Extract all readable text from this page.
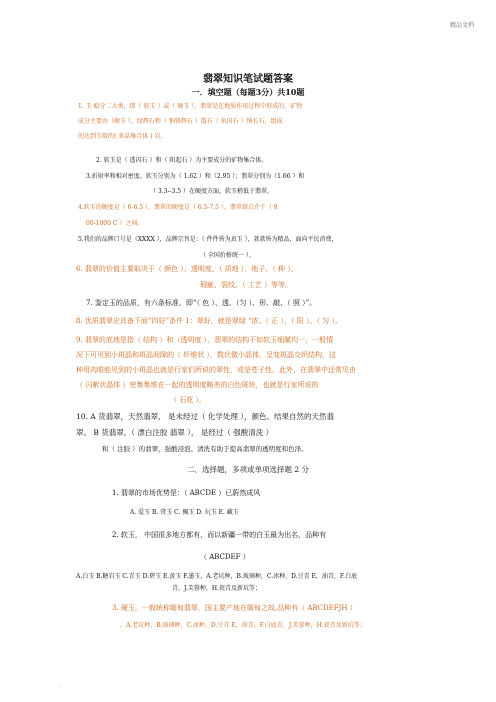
精品文档
翡翠知识笔试题答案
一．填空题（每题3分）共10题
1. 玉 殴分二大类，即（ 软玉 ）或（ 硬玉 ），翡翠是在地质作用过程中形成的，矿物
成分主要由（硬玉 ）、绿辉石和（ 钠铬辉石 ）霞石（ 角闪石 ）钠长石，组成
的达到玉级的( 多晶集合体 ) 岩。
2. 软玉是（ 透闪石 ）和（ 阳起石 ）为主要成分的矿物集合体。
3.折射率和相对密度。软玉分别为（ 1.62 ）和（2.95 ）；翡翠分别为（1.66 ）和
（ 3.3--3.5 ）在硬度方面，软玉稍低于翡翠。
4.软玉的硬度是（ 6-6.5 ）、翡翠的硬度是（ 6.5-7.5 ），翡翠熔点介于（ 9
00-1000 C ）之间。
5.我们的品牌口号是（XXXX ），品牌宗旨是：（ 件件皆为真玉 ），款款皆为精品，面向平民消费，
（ 全国价格统一 ）。
6. 翡翠的价值主要取决于（ 颜色 ）、透明度、（ 质地 ）、地子、（ 种 ）、
瑕疵、裂纹、（ 工艺 ）等等。
7. 鉴定玉的品质，有六条标准，即“（ 色 ）、透、（匀 ）、形、敲、（ 照 ）”。
8. 优质翡翠应具备下面“四好”条件 1：翠好，就是翠绿 “浓、（ 正 ）、（ 阳 ）、（ 匀 ）。
9. 翡翠的底地是指（ 结构 ）和（透明度 ），翡翠的结构不如软玉细腻均一，一般情
况下可见到小斑晶和斑晶间隙的（ 纤维状 ），数状微小晶体，呈变斑晶交织结构，这
种用肉眼能见到的小斑晶也就是行家们所说的翠性，或是苍子性。此外，在翡翠中还常见由
（ 闪絮状晶体 ）密集集堆在一起的透明度略差的白色斑块，也就是行家所说的
（ 石花 ）。
10. A 货翡翠，天然翡翠， 是未经过（ 化学处理 ），颜色、结果自然的天然翡
翠。 B 货翡翠，（ 漂白注胶 翡翠 ）， 是经过（ 强酸清洗 ）
和（ 注胶 ）的翡翠，强酸浸泡、清洗有助于提高翡翠的透明度和色泽。
二．选择题，多项或单项选择题 2 分
1. 翡翠的市场优势是：（ ABCDE ）已蔚然成风
A. 爱玉 B. 赏玉 C. 佩玉 D. 玩玉 E. 藏玉
2. 软玉， 中国很多地方都有，而以新疆一带的白玉最为出名，品种有
（ ABCDEF ）
A.白玉 B.糖岩玉 C.青玉 D.碧玉 E.黄玉 F.墨玉，A.老坑种，B.玻璃种，C.冰种，D.豆青 E，油青，F.白底
青，J.芙蓉种，H.瓷青及新坑等；
3. 硬玉，一般统称缅甸翡翠，国主要产地在缅甸之故,品种有（ ABCDEFJH ）
，A.老坑种，B.玻璃种，C.冰种，D.豆青 E，油青，F.白底青，J.芙蓉种，H.瓷青及新坑等；
.
